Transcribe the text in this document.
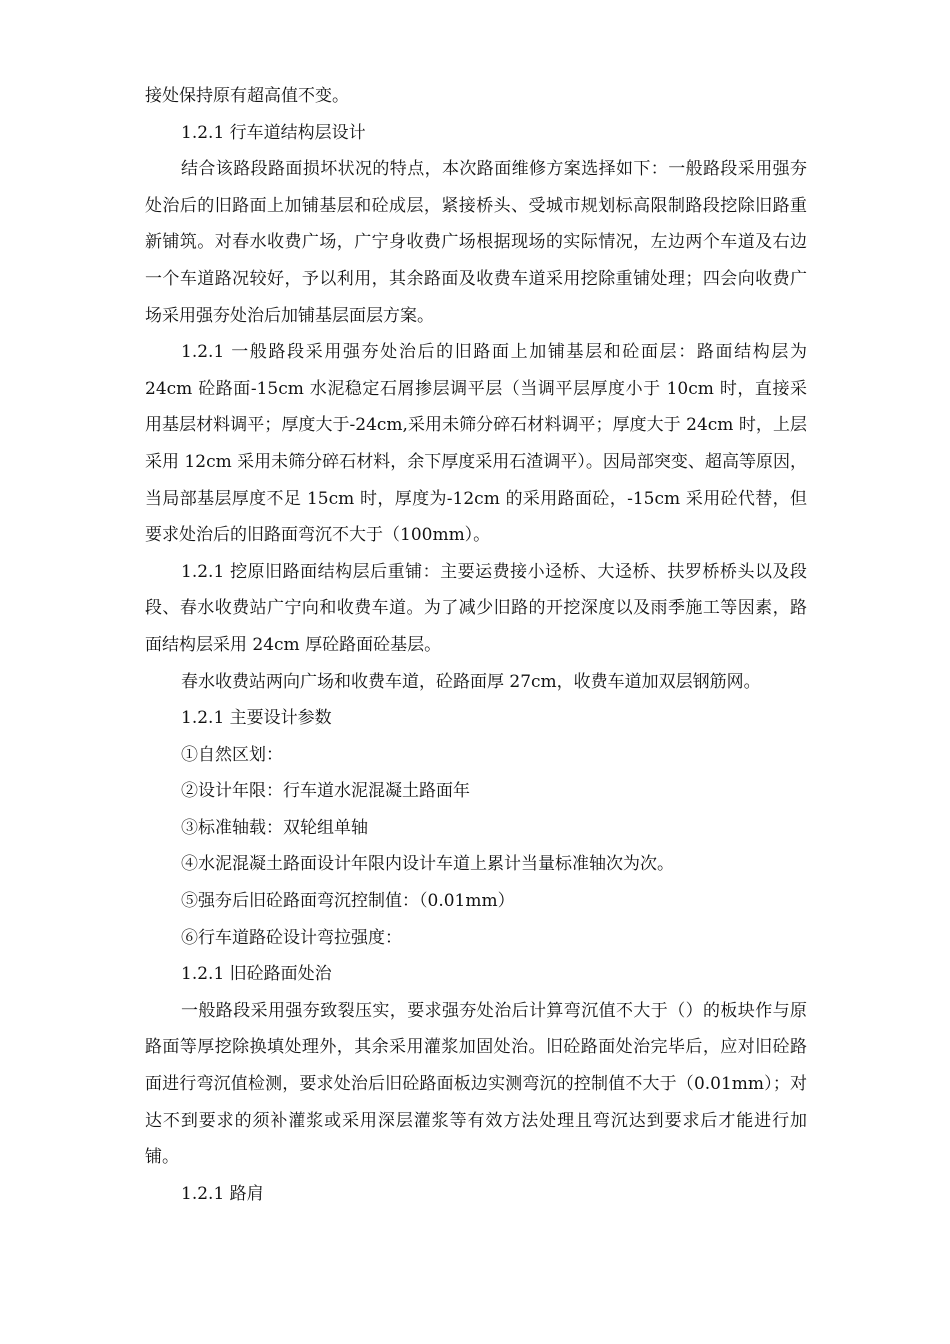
接处保持原有超高值不变。

1.2.1 行车道结构层设计

结合该路段路面损坏状况的特点，本次路面维修方案选择如下：一般路段采用强夯处治后的旧路面上加铺基层和砼成层，紧接桥头、受城市规划标高限制路段挖除旧路重新铺筑。对春水收费广场，广宁身收费广场根据现场的实际情况，左边两个车道及右边一个车道路况较好，予以利用，其余路面及收费车道采用挖除重铺处理；四会向收费广场采用强夯处治后加铺基层面层方案。

1.2.1 一般路段采用强夯处治后的旧路面上加铺基层和砼面层：路面结构层为 24cm 砼路面-15cm 水泥稳定石屑掺层调平层（当调平层厚度小于 10cm 时，直接采用基层材料调平；厚度大于-24cm,采用未筛分碎石材料调平；厚度大于 24cm 时，上层采用 12cm 采用未筛分碎石材料，余下厚度采用石渣调平）。因局部突变、超高等原因，当局部基层厚度不足 15cm 时，厚度为-12cm 的采用路面砼，-15cm 采用砼代替，但要求处治后的旧路面弯沉不大于（100mm）。

1.2.1 挖原旧路面结构层后重铺：主要运费接小迳桥、大迳桥、扶罗桥桥头以及段段、春水收费站广宁向和收费车道。为了减少旧路的开挖深度以及雨季施工等因素，路面结构层采用 24cm 厚砼路面砼基层。

春水收费站两向广场和收费车道，砼路面厚 27cm，收费车道加双层钢筋网。

1.2.1 主要设计参数

①自然区划：

②设计年限：行车道水泥混凝土路面年

③标准轴载：双轮组单轴

④水泥混凝土路面设计年限内设计车道上累计当量标准轴次为次。

⑤强夯后旧砼路面弯沉控制值：（0.01mm）

⑥行车道路砼设计弯拉强度：

1.2.1 旧砼路面处治

一般路段采用强夯致裂压实，要求强夯处治后计算弯沉值不大于（）的板块作与原路面等厚挖除换填处理外，其余采用灌浆加固处治。旧砼路面处治完毕后，应对旧砼路面进行弯沉值检测，要求处治后旧砼路面板边实测弯沉的控制值不大于（0.01mm）；对达不到要求的须补灌浆或采用深层灌浆等有效方法处理且弯沉达到要求后才能进行加铺。

1.2.1 路肩
